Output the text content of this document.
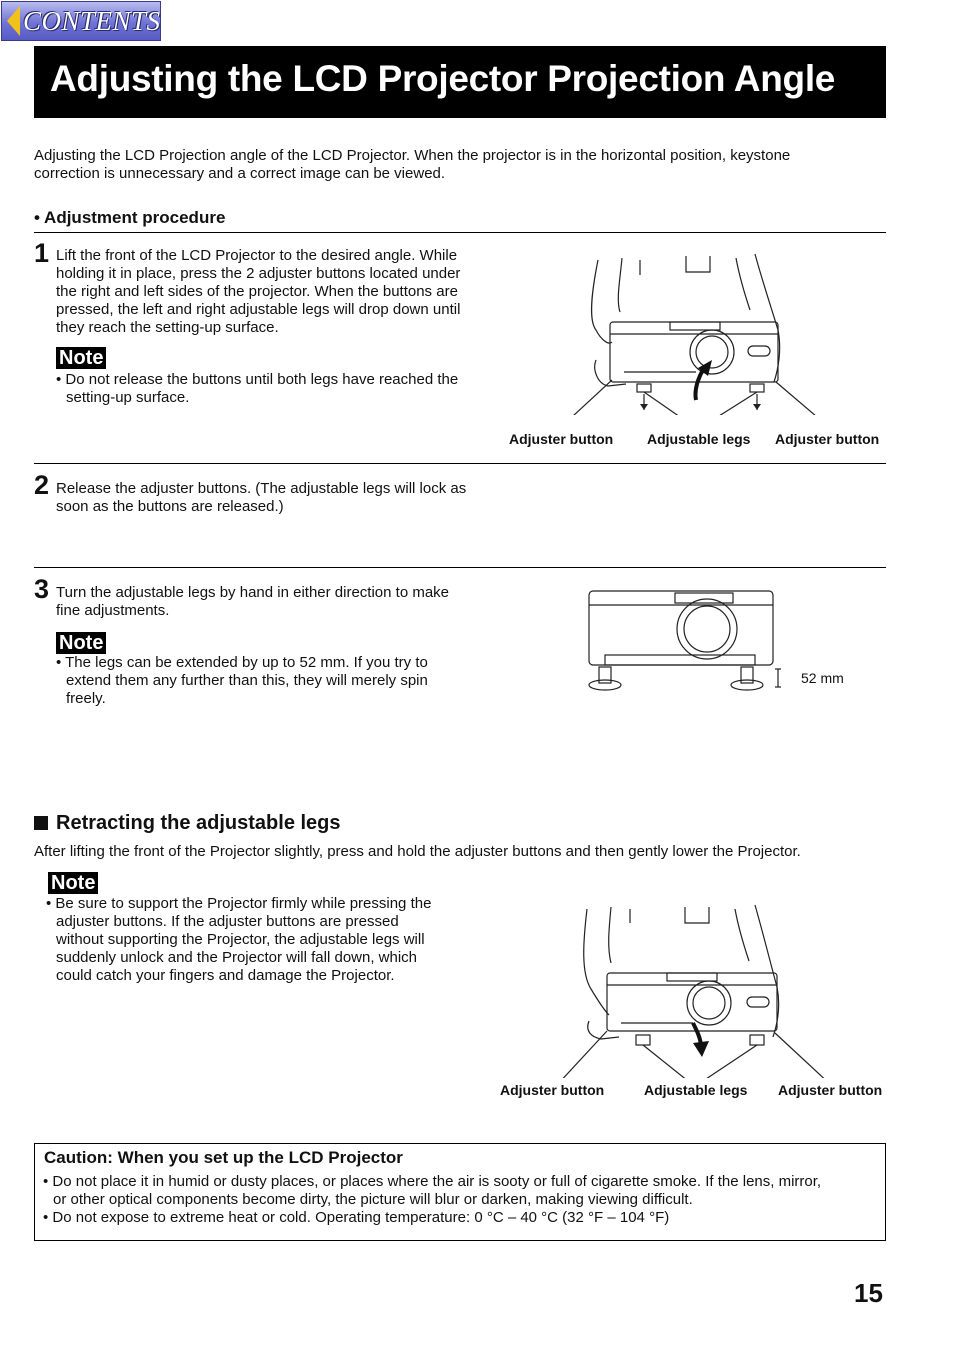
CONTENTS
Adjusting the LCD Projector Projection Angle
Adjusting the LCD Projection angle of the LCD Projector. When the projector is in the horizontal position, keystone
correction is unnecessary and a correct image can be viewed.
• Adjustment procedure
1 Lift the front of the LCD Projector to the desired angle. While
holding it in place, press the 2 adjuster buttons located under
the right and left sides of the projector. When the buttons are
pressed, the left and right adjustable legs will drop down until
they reach the setting-up surface.
Note
• Do not release the buttons until both legs have reached the
setting-up surface.
Adjuster button Adjustable legs Adjuster button
2 Release the adjuster buttons. (The adjustable legs will lock as
soon as the buttons are released.)
3 Turn the adjustable legs by hand in either direction to make
fine adjustments.
Note
• The legs can be extended by up to 52 mm. If you try to
extend them any further than this, they will merely spin
freely.
52 mm
Retracting the adjustable legs
After lifting the front of the Projector slightly, press and hold the adjuster buttons and then gently lower the Projector.
Note
• Be sure to support the Projector firmly while pressing the
adjuster buttons. If the adjuster buttons are pressed
without supporting the Projector, the adjustable legs will
suddenly unlock and the Projector will fall down, which
could catch your fingers and damage the Projector.
Adjuster button	Adjustable legs Adjuster button
Caution: When you set up the LCD Projector
• Do not place it in humid or dusty places, or places where the air is sooty or full of cigarette smoke. If the lens, mirror,
or other optical components become dirty, the picture will blur or darken, making viewing difficult.
• Do not expose to extreme heat or cold. Operating temperature: 0 °C – 40 °C (32 °F – 104 °F)
15
